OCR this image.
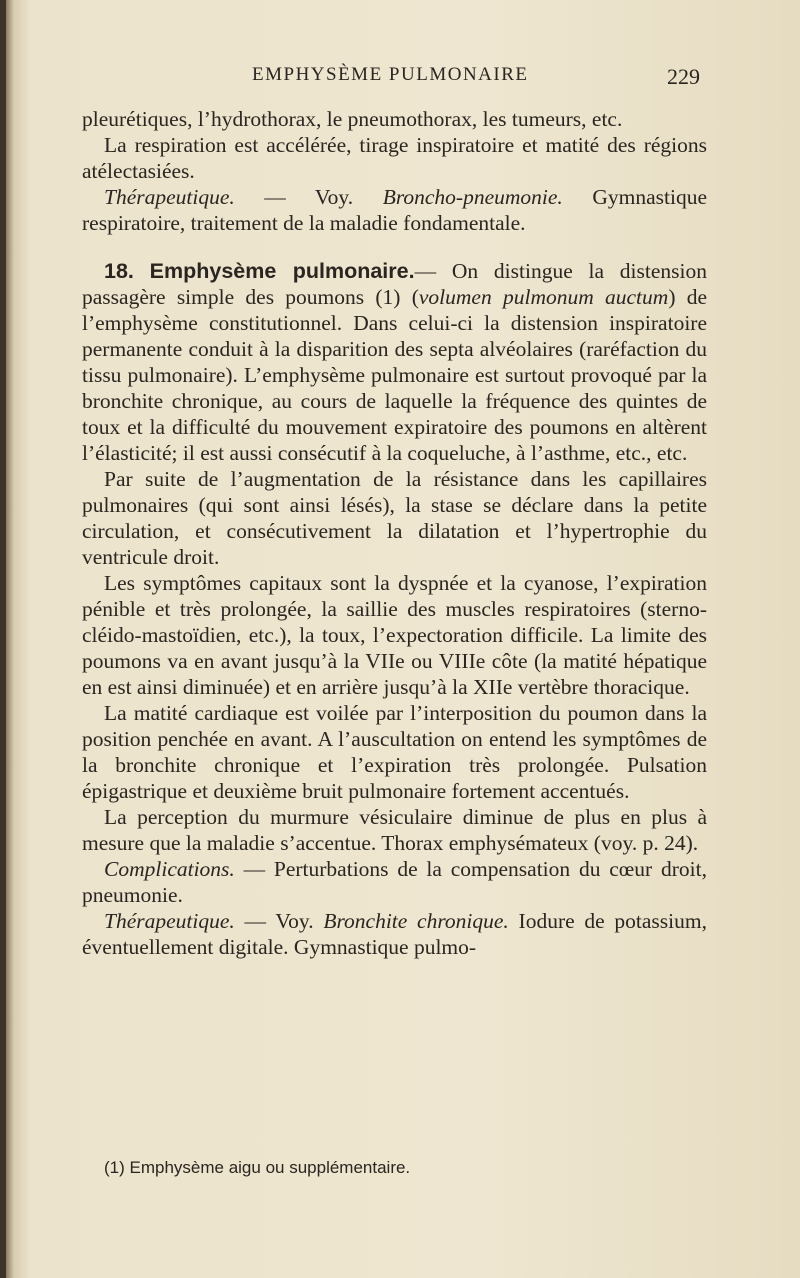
EMPHYSÈME PULMONAIRE	229

pleurétiques, l’hydrothorax, le pneumothorax, les tumeurs, etc.

La respiration est accélérée, tirage inspiratoire et matité des régions atélectasiées.

Thérapeutique. — Voy. Broncho-pneumonie. Gymnastique respiratoire, traitement de la maladie fondamentale.

18. Emphysème pulmonaire.— On distingue la distension passagère simple des poumons (1) (volumen pulmonum auctum) de l’emphysème constitutionnel. Dans celui-ci la distension inspiratoire permanente conduit à la disparition des septa alvéolaires (raréfaction du tissu pulmonaire). L’emphysème pulmonaire est surtout provoqué par la bronchite chronique, au cours de laquelle la fréquence des quintes de toux et la difficulté du mouvement expiratoire des poumons en altèrent l’élasticité; il est aussi consécutif à la coqueluche, à l’asthme, etc., etc.

Par suite de l’augmentation de la résistance dans les capillaires pulmonaires (qui sont ainsi lésés), la stase se déclare dans la petite circulation, et consécutivement la dilatation et l’hypertrophie du ventricule droit.

Les symptômes capitaux sont la dyspnée et la cyanose, l’expiration pénible et très prolongée, la saillie des muscles respiratoires (sterno-cléido-mastoïdien, etc.), la toux, l’expectoration difficile. La limite des poumons va en avant jusqu’à la VIIe ou VIIIe côte (la matité hépatique en est ainsi diminuée) et en arrière jusqu’à la XIIe vertèbre thoracique.

La matité cardiaque est voilée par l’interposition du poumon dans la position penchée en avant. A l’auscultation on entend les symptômes de la bronchite chronique et l’expiration très prolongée. Pulsation épigastrique et deuxième bruit pulmonaire fortement accentués.

La perception du murmure vésiculaire diminue de plus en plus à mesure que la maladie s’accentue. Thorax emphysémateux (voy. p. 24).

Complications. — Perturbations de la compensation du cœur droit, pneumonie.

Thérapeutique. — Voy. Bronchite chronique. Iodure de potassium, éventuellement digitale. Gymnastique pulmo-

(1) Emphysème aigu ou supplémentaire.
